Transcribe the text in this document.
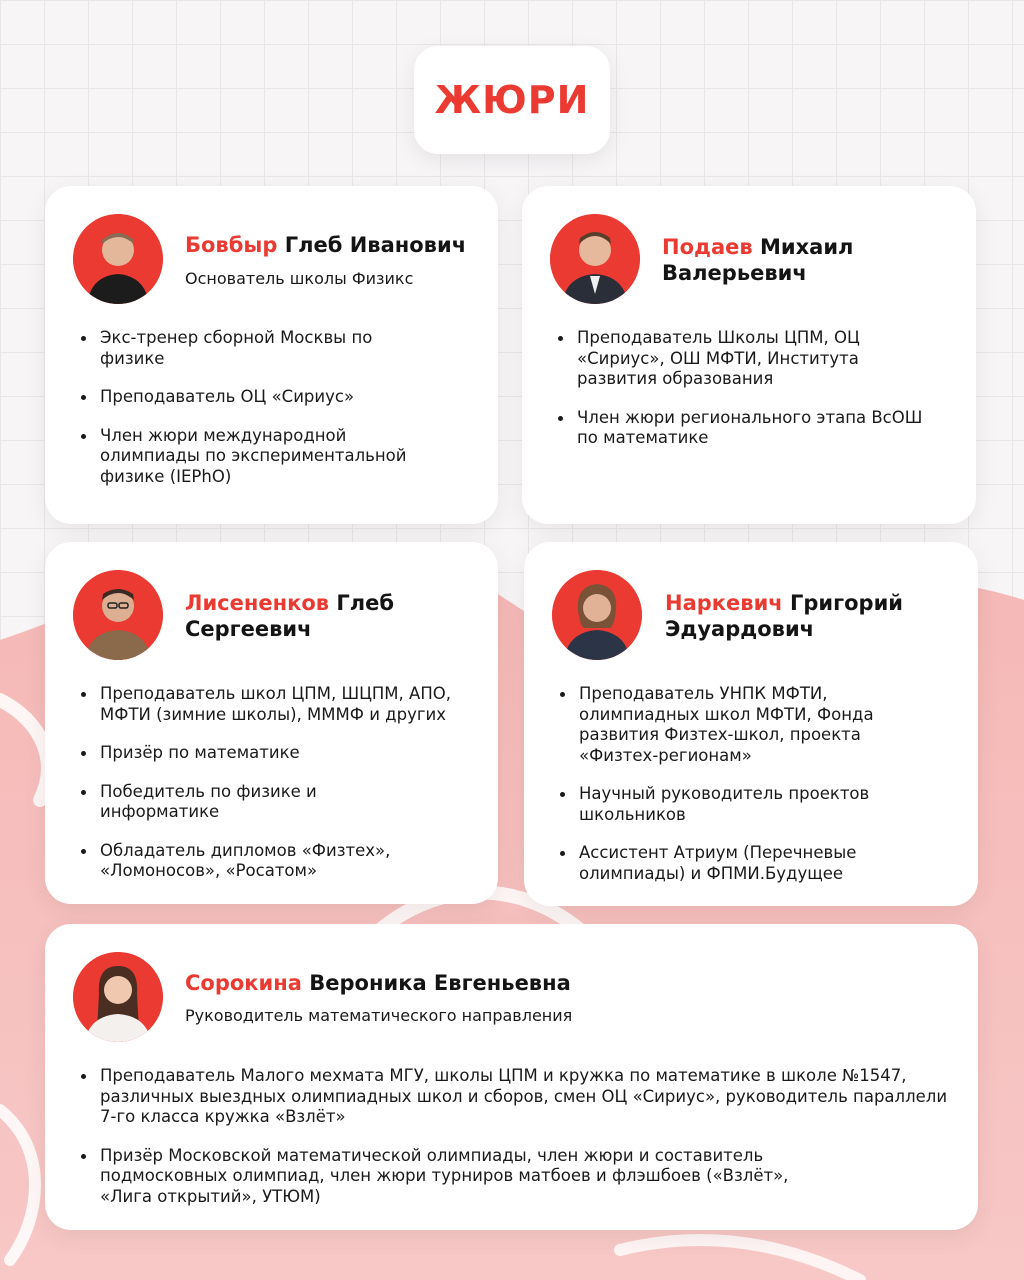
ЖЮРИ
Бовбыр Глеб Иванович
Основатель школы Физикс
Экс-тренер сборной Москвы по физике
Преподаватель ОЦ «Сириус»
Член жюри международной олимпиады по экспериментальной физике (IEPhO)
Подаев Михаил Валерьевич
Преподаватель Школы ЦПМ, ОЦ «Сириус», ОШ МФТИ, Института развития образования
Член жюри регионального этапа ВсОШ по математике
Лисененков Глеб Сергеевич
Преподаватель школ ЦПМ, ШЦПМ, АПО, МФТИ (зимние школы), МММФ и других
Призёр по математике
Победитель по физике и информатике
Обладатель дипломов «Физтех», «Ломоносов», «Росатом»
Наркевич Григорий Эдуардович
Преподаватель УНПК МФТИ, олимпиадных школ МФТИ, Фонда развития Физтех-школ, проекта «Физтех-регионам»
Научный руководитель проектов школьников
Ассистент Атриум (Перечневые олимпиады) и ФПМИ.Будущее
Сорокина Вероника Евгеньевна
Руководитель математического направления
Преподаватель Малого мехмата МГУ, школы ЦПМ и кружка по математике в школе №1547, различных выездных олимпиадных школ и сборов, смен ОЦ «Сириус», руководитель параллели 7-го класса кружка «Взлёт»
Призёр Московской математической олимпиады, член жюри и составитель подмосковных олимпиад, член жюри турниров матбоев и флэшбоев («Взлёт», «Лига открытий», УТЮМ)
